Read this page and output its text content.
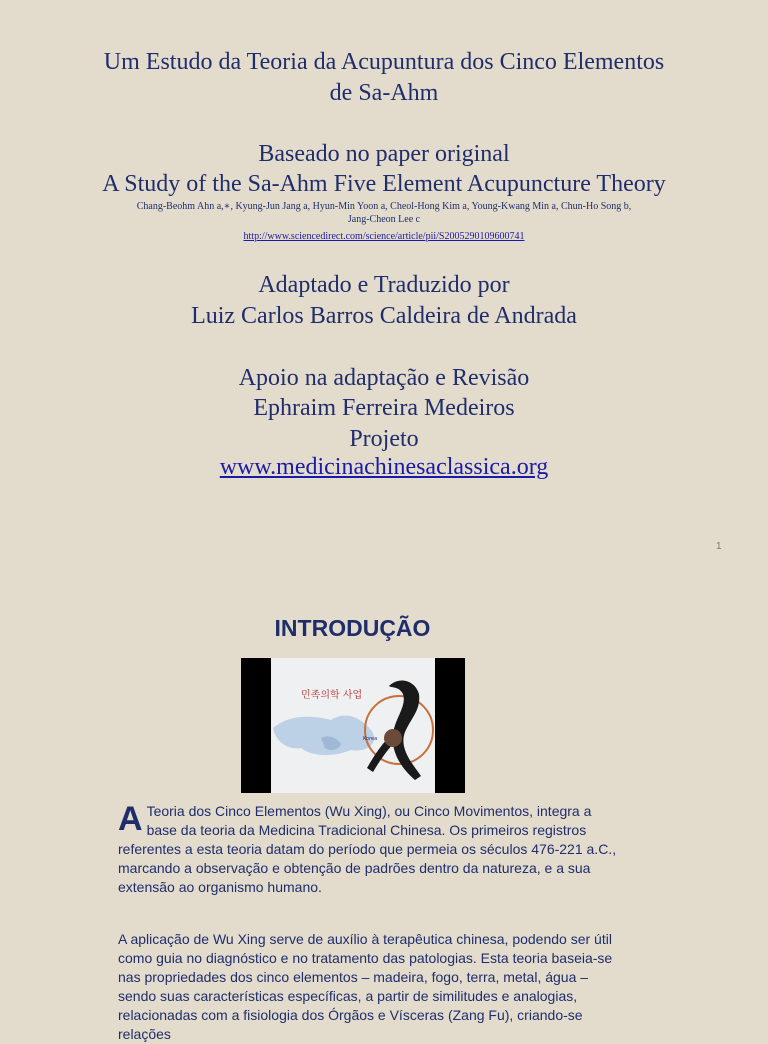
Um Estudo da Teoria da Acupuntura dos Cinco Elementos
de Sa-Ahm
Baseado no paper original
A Study of the Sa-Ahm Five Element Acupuncture Theory
Chang-Beohm Ahn a,∗, Kyung-Jun Jang a, Hyun-Min Yoon a, Cheol-Hong Kim a, Young-Kwang Min a, Chun-Ho Song b,
Jang-Cheon Lee c
http://www.sciencedirect.com/science/article/pii/S2005290109600741
Adaptado e Traduzido por
Luiz Carlos Barros Caldeira de Andrada
Apoio na adaptação e Revisão
Ephraim Ferreira Medeiros
Projeto
www.medicinachinesaclassica.org
1
INTRODUÇÃO
민족의학 사업
Korea
A Teoria dos Cinco Elementos (Wu Xing), ou Cinco Movimentos, integra a base da teoria da Medicina Tradicional Chinesa. Os primeiros registros referentes a esta teoria datam do período que permeia os séculos 476-221 a.C., marcando a observação e obtenção de padrões dentro da natureza, e a sua extensão ao organismo humano.
A aplicação de Wu Xing serve de auxílio à terapêutica chinesa, podendo ser útil como guia no diagnóstico e no tratamento das patologias. Esta teoria baseia-se nas propriedades dos cinco elementos – madeira, fogo, terra, metal, água – sendo suas características específicas, a partir de similitudes e analogias, relacionadas com a fisiologia dos Órgãos e Vísceras (Zang Fu), criando-se relações
